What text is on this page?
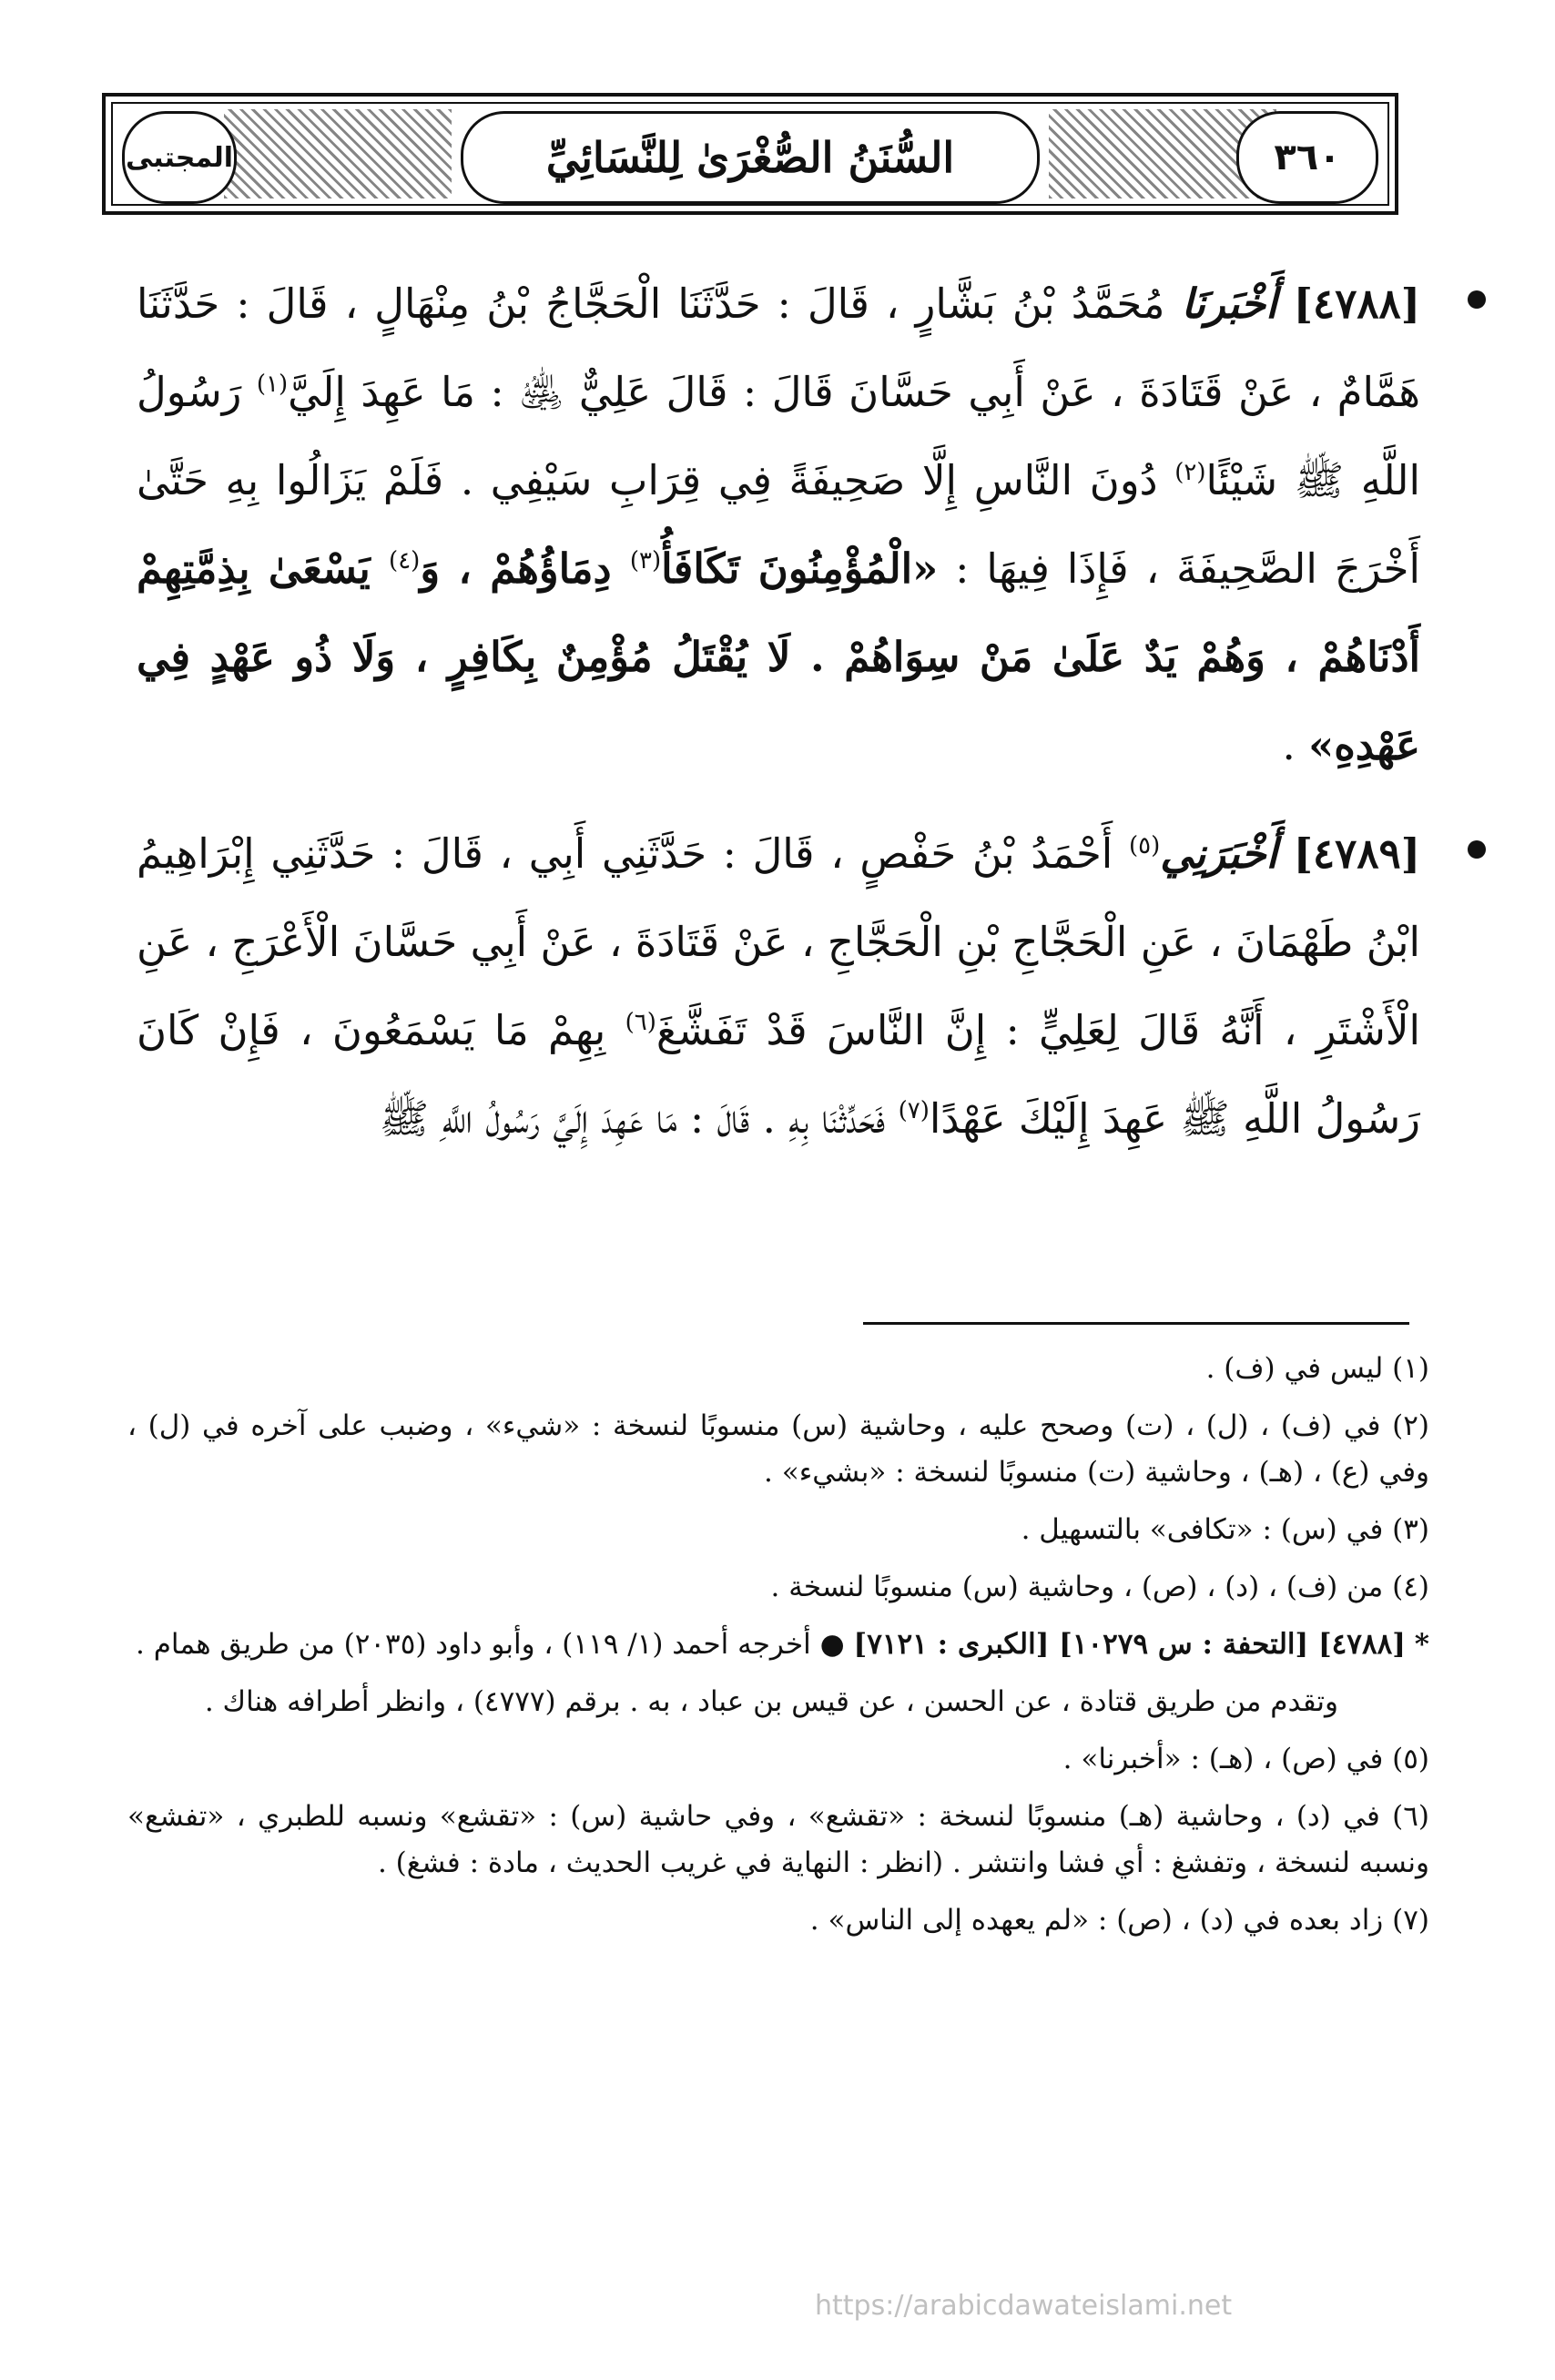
المجتبى	السُّنَنُ الصُّغْرَىٰ لِلنَّسَائِيِّ	٣٦٠

[٤٧٨٨] أَخْبَرنَا مُحَمَّدُ بْنُ بَشَّارٍ ، قَالَ : حَدَّثَنَا الْحَجَّاجُ بْنُ مِنْهَالٍ ، قَالَ : حَدَّثَنَا هَمَّامٌ ، عَنْ قَتَادَةَ ، عَنْ أَبِي حَسَّانَ قَالَ : قَالَ عَلِيٌّ ﵁ : مَا عَهِدَ إِلَيَّ$^{(١)}$ رَسُولُ اللَّهِ ﷺ شَيْئًا$^{(٢)}$ دُونَ النَّاسِ إِلَّا صَحِيفَةً فِي قِرَابِ سَيْفِي . فَلَمْ يَزَالُوا بِهِ حَتَّىٰ أَخْرَجَ الصَّحِيفَةَ ، فَإِذَا فِيهَا : «الْمُؤْمِنُونَ تَكَافَأُ$^{(٣)}$ دِمَاؤُهُمْ ، وَ$^{(٤)}$ يَسْعَىٰ بِذِمَّتِهِمْ أَدْنَاهُمْ ، وَهُمْ يَدٌ عَلَىٰ مَنْ سِوَاهُمْ . لَا يُقْتَلُ مُؤْمِنٌ بِكَافِرٍ ، وَلَا ذُو عَهْدٍ فِي عَهْدِهِ» .

[٤٧٨٩] أَخْبَرَنِي$^{(٥)}$ أَحْمَدُ بْنُ حَفْصٍ ، قَالَ : حَدَّثَنِي أَبِي ، قَالَ : حَدَّثَنِي إِبْرَاهِيمُ ابْنُ طَهْمَانَ ، عَنِ الْحَجَّاجِ بْنِ الْحَجَّاجِ ، عَنْ قَتَادَةَ ، عَنْ أَبِي حَسَّانَ الْأَعْرَجِ ، عَنِ الْأَشْتَرِ ، أَنَّهُ قَالَ لِعَلِيٍّ : إِنَّ النَّاسَ قَدْ تَفَشَّغَ$^{(٦)}$ بِهِمْ مَا يَسْمَعُونَ ، فَإِنْ كَانَ رَسُولُ اللَّهِ ﷺ عَهِدَ إِلَيْكَ عَهْدًا$^{(٧)}$ فَحَدِّثْنَا بِهِ . قَالَ : مَا عَهِدَ إِلَيَّ رَسُولُ اللَّهِ ﷺ

(١) ليس في (ف) .

(٢) في (ف) ، (ل) ، (ت) وصحح عليه ، وحاشية (س) منسوبًا لنسخة : «شيء» ، وضبب على آخره في (ل) ، وفي (ع) ، (هـ) ، وحاشية (ت) منسوبًا لنسخة : «بشيء» .

(٣) في (س) : «تكافى» بالتسهيل .

(٤) من (ف) ، (د) ، (ص) ، وحاشية (س) منسوبًا لنسخة .

* [٤٧٨٨] [التحفة : س ١٠٢٧٩] [الكبرى : ٧١٢١] ● أخرجه أحمد (١/ ١١٩) ، وأبو داود (٢٠٣٥) من طريق همام .

وتقدم من طريق قتادة ، عن الحسن ، عن قيس بن عباد ، به . برقم (٤٧٧٧) ، وانظر أطرافه هناك .

(٥) في (ص) ، (هـ) : «أخبرنا» .

(٦) في (د) ، وحاشية (هـ) منسوبًا لنسخة : «تقشع» ، وفي حاشية (س) : «تقشع» ونسبه للطبري ، «تفشع» ونسبه لنسخة ، وتفشغ : أي فشا وانتشر . (انظر : النهاية في غريب الحديث ، مادة : فشغ) .

(٧) زاد بعده في (د) ، (ص) : «لم يعهده إلى الناس» .

https://arabicdawateislami.net
